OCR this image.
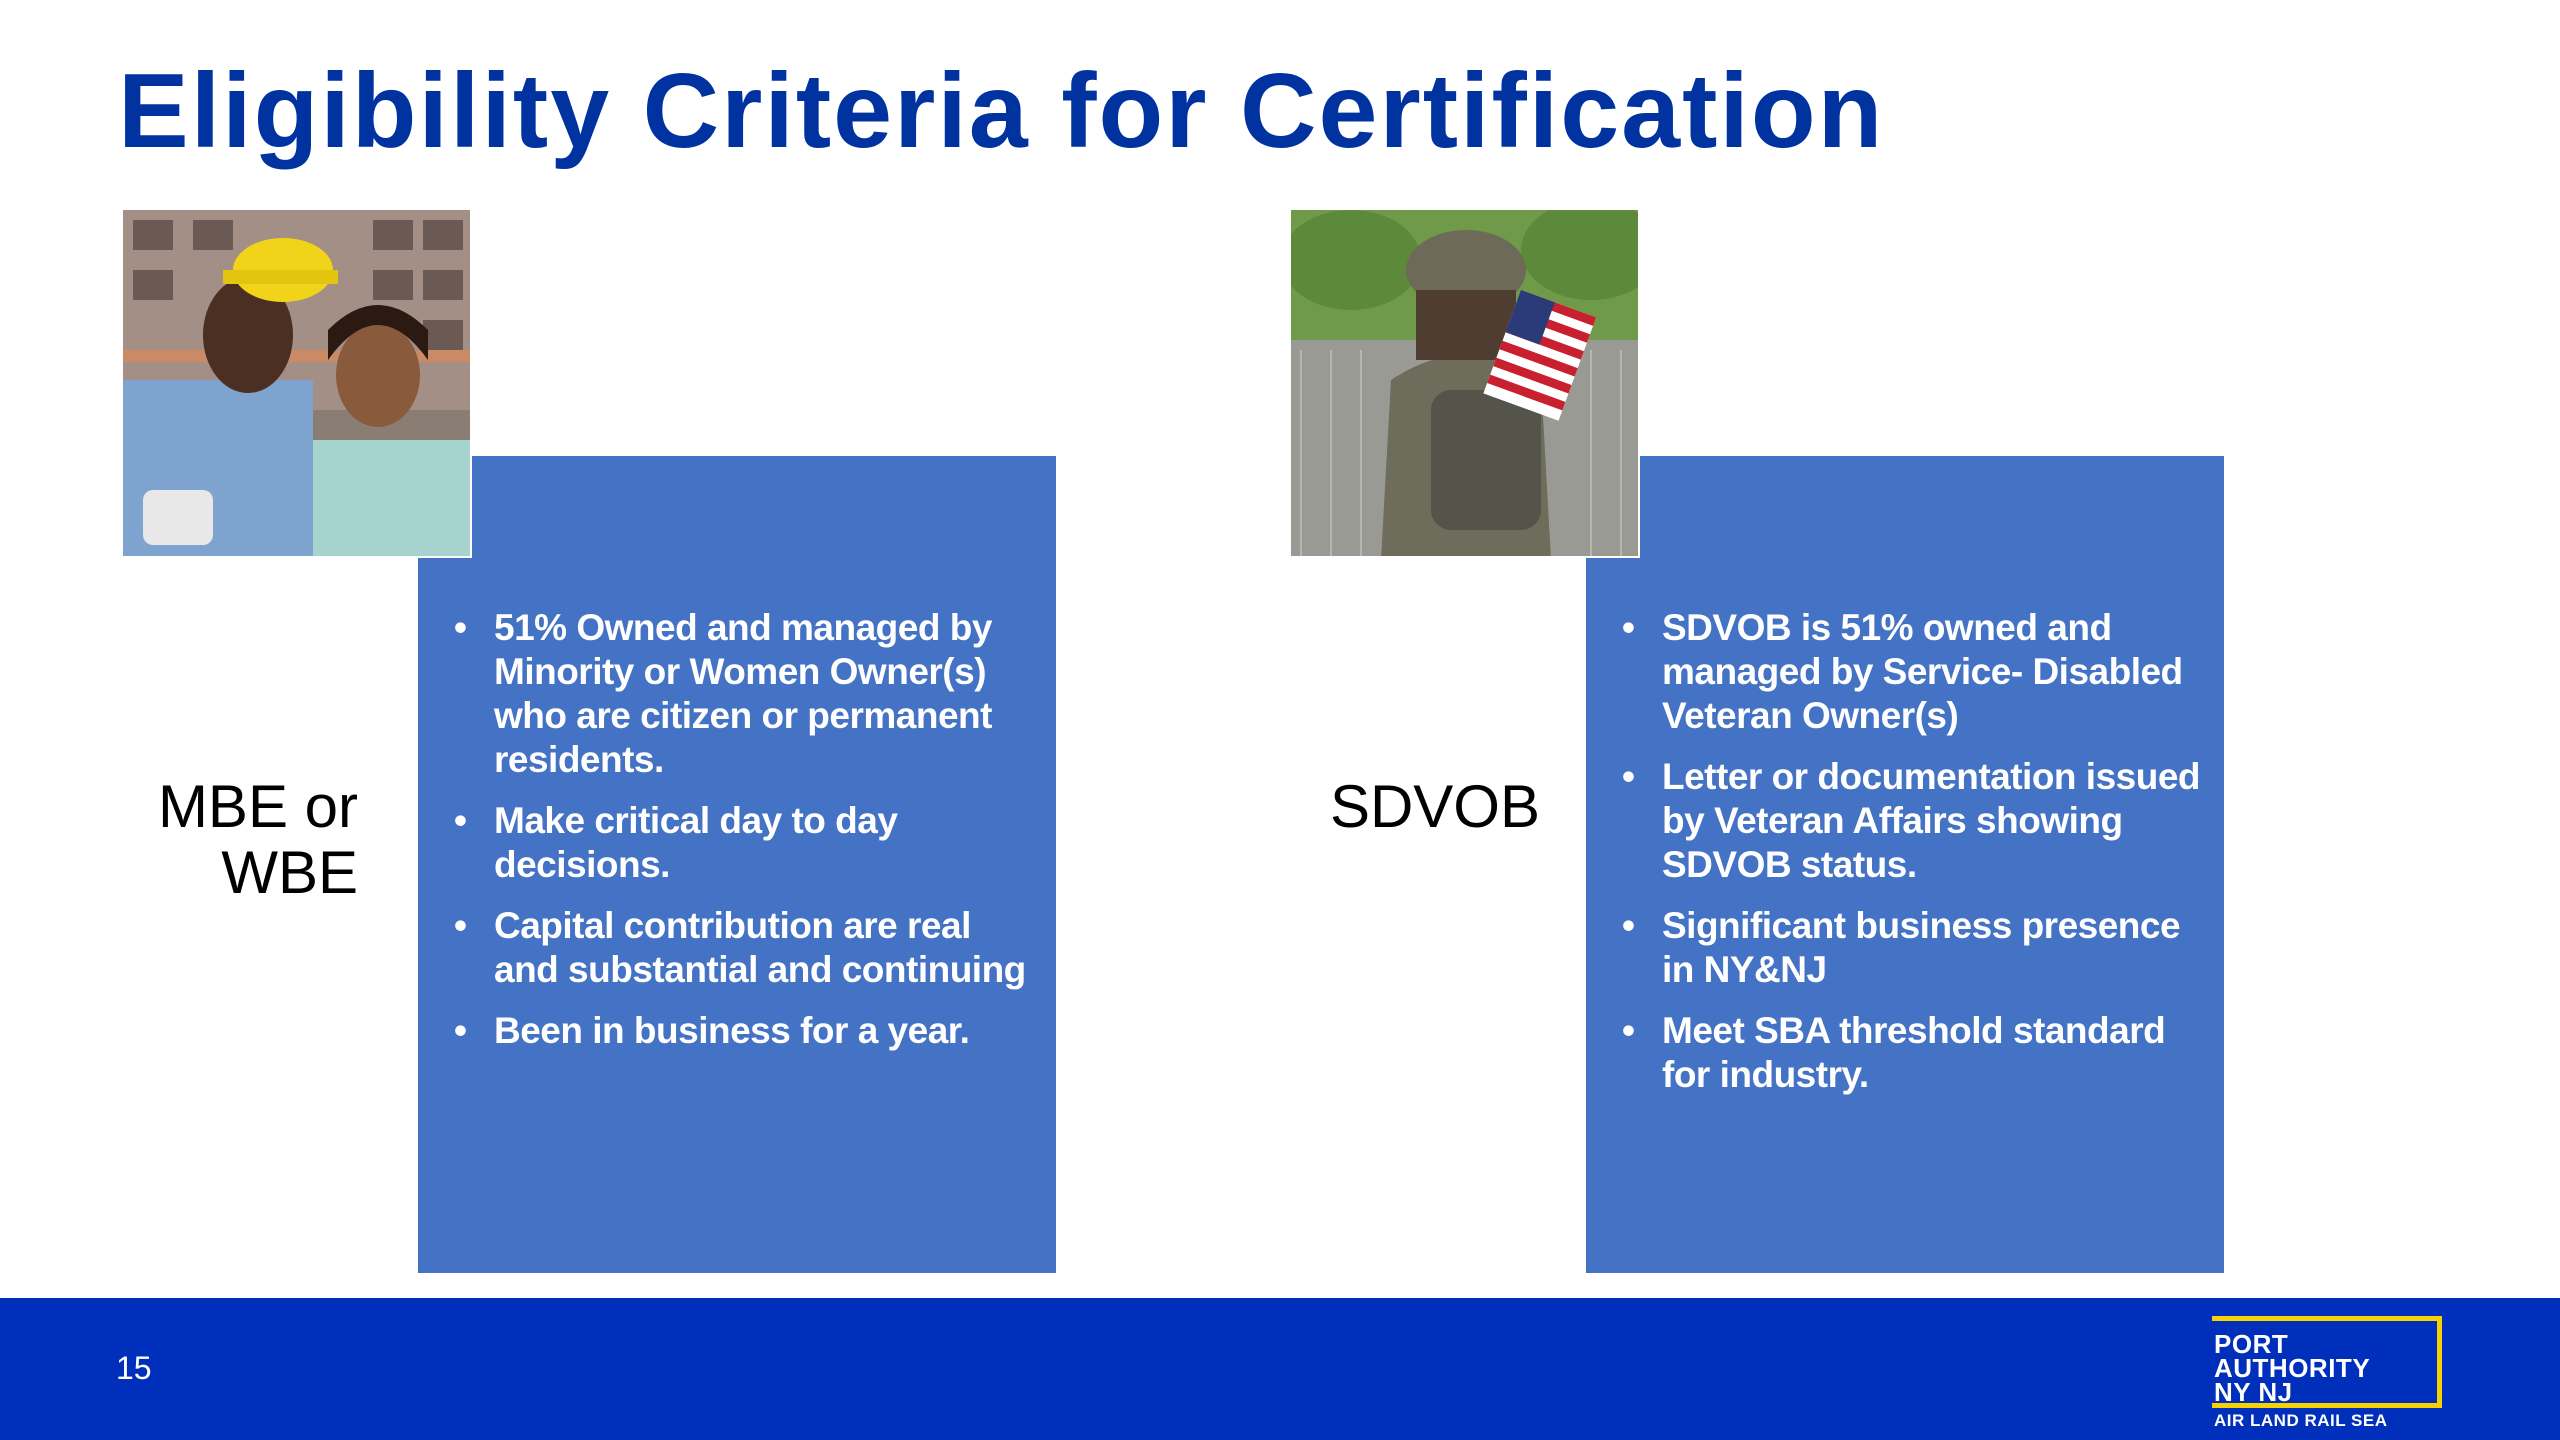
Eligibility Criteria for Certification
• 51% Owned and managed by Minority or Women Owner(s) who are citizen or permanent residents.
• Make critical day to day decisions.
• Capital contribution are real and substantial and continuing
• Been in business for a year.
MBE or WBE
• SDVOB is 51% owned and managed by Service- Disabled Veteran Owner(s)
• Letter or documentation issued by Veteran Affairs showing SDVOB status.
• Significant business presence in NY&NJ
• Meet SBA threshold standard for industry.
SDVOB
15
PORT
AUTHORITY
NY NJ
AIR LAND RAIL SEA
